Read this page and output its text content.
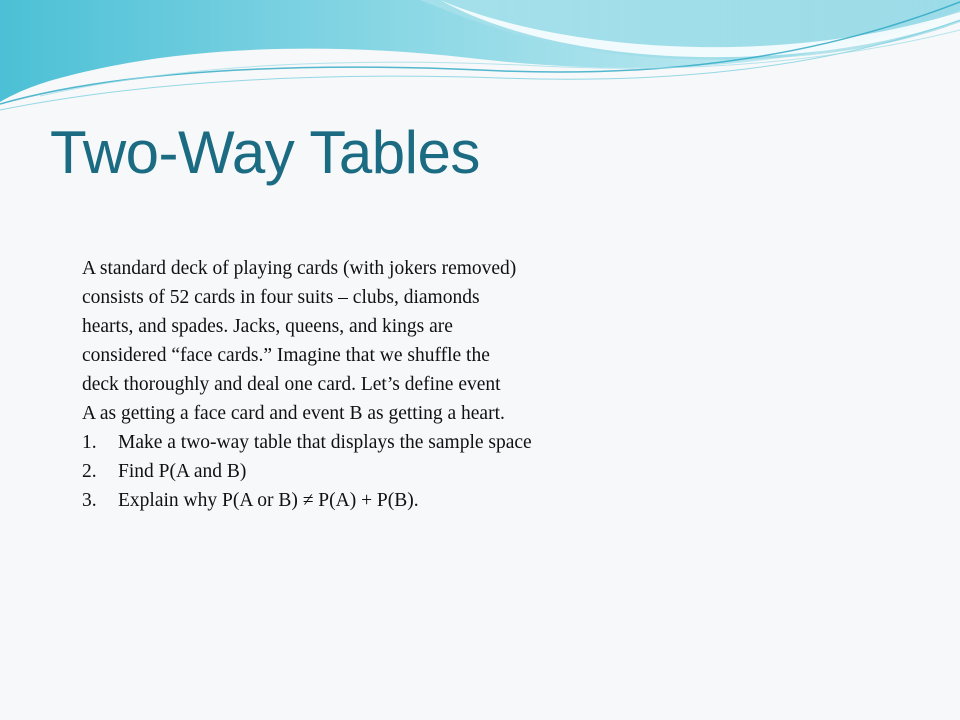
Two-Way Tables
A standard deck of playing cards (with jokers removed)
consists of 52 cards in four suits – clubs, diamonds
hearts, and spades. Jacks, queens, and kings are
considered “face cards.” Imagine that we shuffle the
deck thoroughly and deal one card. Let’s define event
A as getting a face card and event B as getting a heart.
1.	Make a two-way table that displays the sample space
2.	Find P(A and B)
3.	Explain why P(A or B) ≠ P(A) + P(B).
